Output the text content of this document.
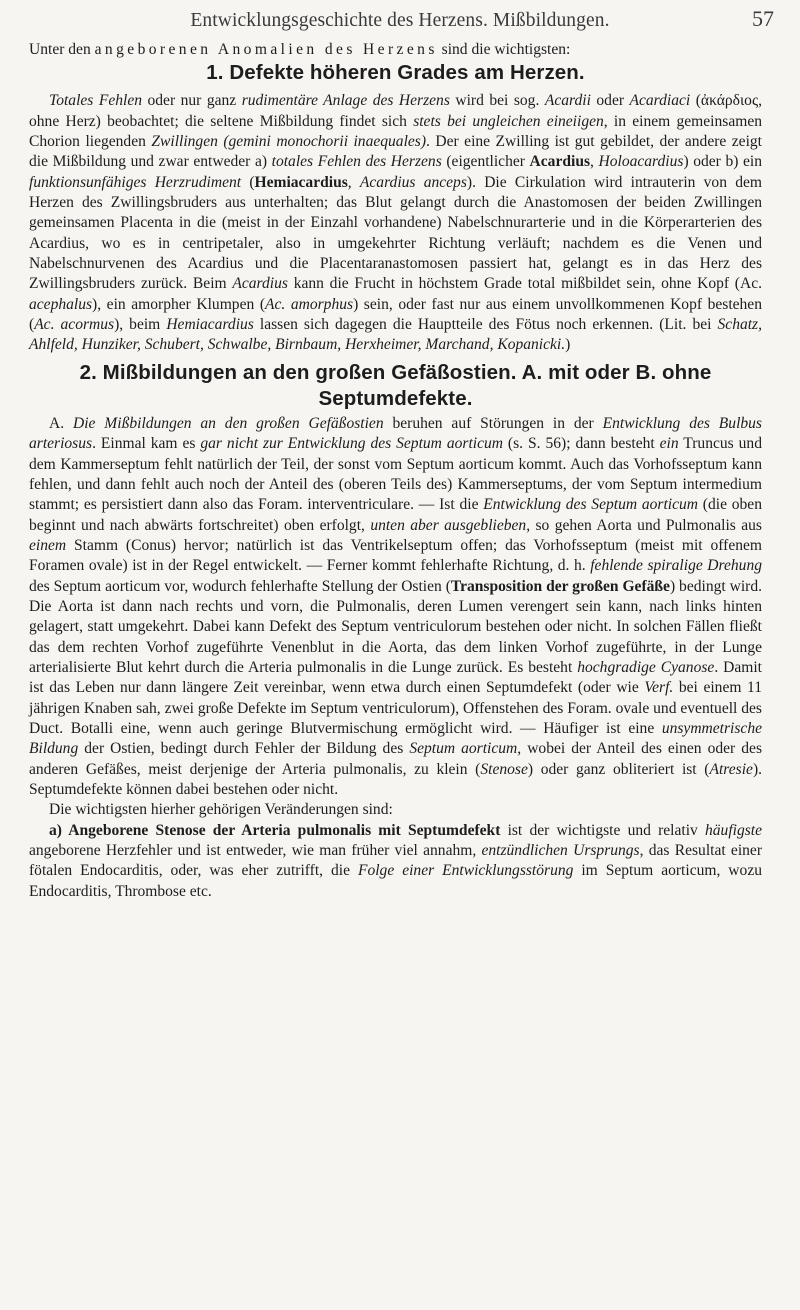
Entwicklungsgeschichte des Herzens. Mißbildungen.	57

Unter den angeborenen Anomalien des Herzens sind die wichtigsten:

1. Defekte höheren Grades am Herzen.

Totales Fehlen oder nur ganz rudimentäre Anlage des Herzens wird bei sog. Acardii oder Acardiaci (ἀκάρδιος, ohne Herz) beobachtet; die seltene Mißbildung findet sich stets bei ungleichen eineiigen, in einem gemeinsamen Chorion liegenden Zwillingen (gemini monochorii inaequales). Der eine Zwilling ist gut gebildet, der andere zeigt die Mißbildung und zwar entweder a) totales Fehlen des Herzens (eigentlicher Acardius, Holoacardius) oder b) ein funktionsunfähiges Herzrudiment (Hemiacardius, Acardius anceps). Die Cirkulation wird intrauterin von dem Herzen des Zwillingsbruders aus unterhalten; das Blut gelangt durch die Anastomosen der beiden Zwillingen gemeinsamen Placenta in die (meist in der Einzahl vorhandene) Nabelschnurarterie und in die Körperarterien des Acardius, wo es in centripetaler, also in umgekehrter Richtung verläuft; nachdem es die Venen und Nabelschnurvenen des Acardius und die Placentaranastomosen passiert hat, gelangt es in das Herz des Zwillingsbruders zurück. Beim Acardius kann die Frucht in höchstem Grade total mißbildet sein, ohne Kopf (Ac. acephalus), ein amorpher Klumpen (Ac. amorphus) sein, oder fast nur aus einem unvollkommenen Kopf bestehen (Ac. acormus), beim Hemiacardius lassen sich dagegen die Hauptteile des Fötus noch erkennen. (Lit. bei Schatz, Ahlfeld, Hunziker, Schubert, Schwalbe, Birnbaum, Herxheimer, Marchand, Kopanicki.)

2. Mißbildungen an den großen Gefäßostien. A. mit oder B. ohne Septumdefekte.

A. Die Mißbildungen an den großen Gefäßostien beruhen auf Störungen in der Entwicklung des Bulbus arteriosus. Einmal kam es gar nicht zur Entwicklung des Septum aorticum (s. S. 56); dann besteht ein Truncus und dem Kammerseptum fehlt natürlich der Teil, der sonst vom Septum aorticum kommt. Auch das Vorhofsseptum kann fehlen, und dann fehlt auch noch der Anteil des (oberen Teils des) Kammerseptums, der vom Septum intermedium stammt; es persistiert dann also das Foram. interventriculare. — Ist die Entwicklung des Septum aorticum (die oben beginnt und nach abwärts fortschreitet) oben erfolgt, unten aber ausgeblieben, so gehen Aorta und Pulmonalis aus einem Stamm (Conus) hervor; natürlich ist das Ventrikelseptum offen; das Vorhofsseptum (meist mit offenem Foramen ovale) ist in der Regel entwickelt. — Ferner kommt fehlerhafte Richtung, d. h. fehlende spiralige Drehung des Septum aorticum vor, wodurch fehlerhafte Stellung der Ostien (Transposition der großen Gefäße) bedingt wird. Die Aorta ist dann nach rechts und vorn, die Pulmonalis, deren Lumen verengert sein kann, nach links hinten gelagert, statt umgekehrt. Dabei kann Defekt des Septum ventriculorum bestehen oder nicht. In solchen Fällen fließt das dem rechten Vorhof zugeführte Venenblut in die Aorta, das dem linken Vorhof zugeführte, in der Lunge arterialisierte Blut kehrt durch die Arteria pulmonalis in die Lunge zurück. Es besteht hochgradige Cyanose. Damit ist das Leben nur dann längere Zeit vereinbar, wenn etwa durch einen Septumdefekt (oder wie Verf. bei einem 11 jährigen Knaben sah, zwei große Defekte im Septum ventriculorum), Offenstehen des Foram. ovale und eventuell des Duct. Botalli eine, wenn auch geringe Blutvermischung ermöglicht wird. — Häufiger ist eine unsymmetrische Bildung der Ostien, bedingt durch Fehler der Bildung des Septum aorticum, wobei der Anteil des einen oder des anderen Gefäßes, meist derjenige der Arteria pulmonalis, zu klein (Stenose) oder ganz obliteriert ist (Atresie). Septumdefekte können dabei bestehen oder nicht.

Die wichtigsten hierher gehörigen Veränderungen sind:

a) Angeborene Stenose der Arteria pulmonalis mit Septumdefekt ist der wichtigste und relativ häufigste angeborene Herzfehler und ist entweder, wie man früher viel annahm, entzündlichen Ursprungs, das Resultat einer fötalen Endocarditis, oder, was eher zutrifft, die Folge einer Entwicklungsstörung im Septum aorticum, wozu Endocarditis, Thrombose etc.
